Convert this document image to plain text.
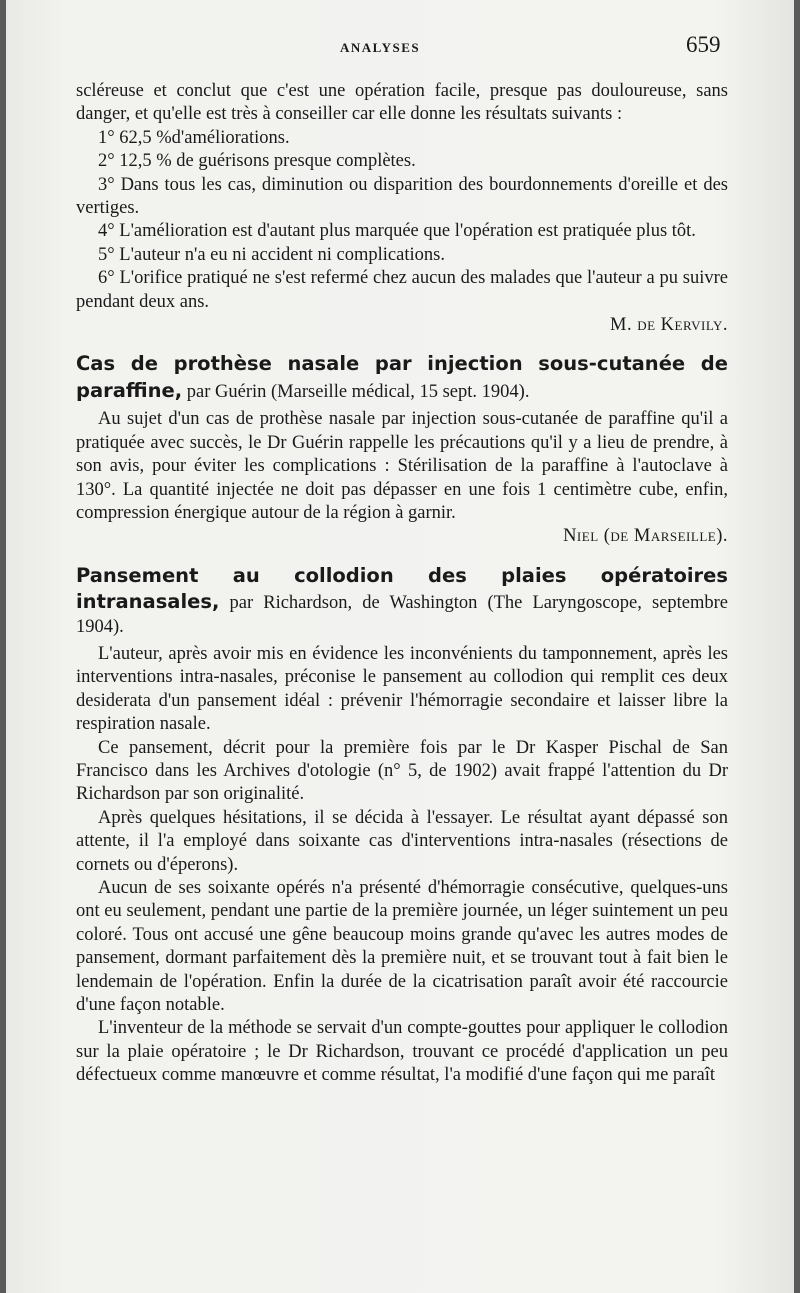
ANALYSES	659

scléreuse et conclut que c'est une opération facile, presque pas douloureuse, sans danger, et qu'elle est très à conseiller car elle donne les résultats suivants :

1° 62,5 %d'améliorations.

2° 12,5 % de guérisons presque complètes.

3° Dans tous les cas, diminution ou disparition des bourdonnements d'oreille et des vertiges.

4° L'amélioration est d'autant plus marquée que l'opération est pratiquée plus tôt.

5° L'auteur n'a eu ni accident ni complications.

6° L'orifice pratiqué ne s'est refermé chez aucun des malades que l'auteur a pu suivre pendant deux ans.

M. de Kervily.

Cas de prothèse nasale par injection sous-cutanée de paraffine, par Guérin (Marseille médical, 15 sept. 1904).

Au sujet d'un cas de prothèse nasale par injection sous-cutanée de paraffine qu'il a pratiquée avec succès, le Dr Guérin rappelle les précautions qu'il y a lieu de prendre, à son avis, pour éviter les complications : Stérilisation de la paraffine à l'autoclave à 130°. La quantité injectée ne doit pas dépasser en une fois 1 centimètre cube, enfin, compression énergique autour de la région à garnir.

Niel (de Marseille).

Pansement au collodion des plaies opératoires intranasales, par Richardson, de Washington (The Laryngoscope, septembre 1904).

L'auteur, après avoir mis en évidence les inconvénients du tamponnement, après les interventions intra-nasales, préconise le pansement au collodion qui remplit ces deux desiderata d'un pansement idéal : prévenir l'hémorragie secondaire et laisser libre la respiration nasale.

Ce pansement, décrit pour la première fois par le Dr Kasper Pischal de San Francisco dans les Archives d'otologie (n° 5, de 1902) avait frappé l'attention du Dr Richardson par son originalité.

Après quelques hésitations, il se décida à l'essayer. Le résultat ayant dépassé son attente, il l'a employé dans soixante cas d'interventions intra-nasales (résections de cornets ou d'éperons).

Aucun de ses soixante opérés n'a présenté d'hémorragie consécutive, quelques-uns ont eu seulement, pendant une partie de la première journée, un léger suintement un peu coloré. Tous ont accusé une gêne beaucoup moins grande qu'avec les autres modes de pansement, dormant parfaitement dès la première nuit, et se trouvant tout à fait bien le lendemain de l'opération. Enfin la durée de la cicatrisation paraît avoir été raccourcie d'une façon notable.

L'inventeur de la méthode se servait d'un compte-gouttes pour appliquer le collodion sur la plaie opératoire ; le Dr Richardson, trouvant ce procédé d'application un peu défectueux comme manœuvre et comme résultat, l'a modifié d'une façon qui me paraît
